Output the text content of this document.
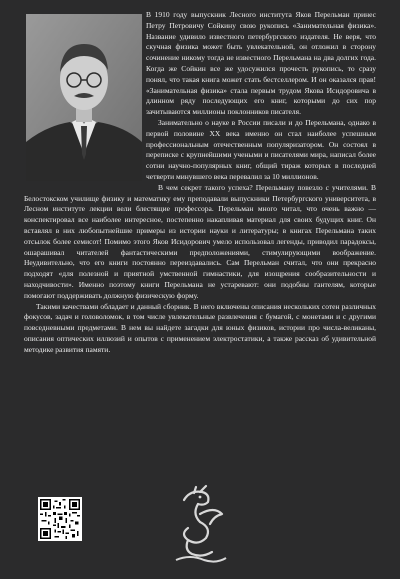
В 1910 году выпускник Лесного института Яков Перельман принес Петру Петровичу Сойкину свою рукопись «Занимательная физика». Название удивило известного петербургского издателя. Не веря, что скучная физика может быть увлекательной, он отложил в сторону сочинение никому тогда не известного Перельмана на два долгих года. Когда же Сойкин все же удосужился прочесть рукопись, то сразу понял, что такая книга может стать бестселлером. И он оказался прав! «Занимательная физика» стала первым трудом Якова Исидоровича в длинном ряду последующих его книг, которыми до сих пор зачитываются миллионы поклонников писателя.

Занимательно о науке в России писали и до Перельмана, однако в первой половине XX века именно он стал наиболее успешным профессиональным отечественным популяризатором. Он состоял в переписке с крупнейшими учеными и писателями мира, написал более сотни научно-популярных книг, общий тираж которых в последней четверти минувшего века перевалил за 10 миллионов.

В чем секрет такого успеха? Перельману повезло с учителями. В Белостокском училище физику и математику ему преподавали выпускники Петербургского университета, в Лесном институте лекции вели блестящие профессора. Перельман много читал, что очень важно — конспектировал все наиболее интересное, постепенно накапливая материал для своих будущих книг. Он вставлял в них любопытнейшие примеры из истории науки и литературы; в книгах Перельмана таких отсылок более семисот! Помимо этого Яков Исидорович умело использовал легенды, приводил парадоксы, ошарашивал читателей фантастическими предположениями, стимулирующими воображение. Неудивительно, что его книги постоянно переиздавались. Сам Перельман считал, что они прекрасно подходят «для полезной и приятной умственной гимнастики, для изощрения сообразительности и находчивости». Именно поэтому книги Перельмана не устаревают: они подобны гантелям, которые помогают поддерживать должную физическую форму.

Такими качествами обладает и данный сборник. В него включены описания нескольких сотен различных фокусов, задач и головоломок, в том числе увлекательные развлечения с бумагой, с монетами и с другими повседневными предметами. В нем вы найдете загадки для юных физиков, истории про числа-великаны, описания оптических иллюзий и опытов с применением электростатики, а также рассказ об удивительной методике развития памяти.
